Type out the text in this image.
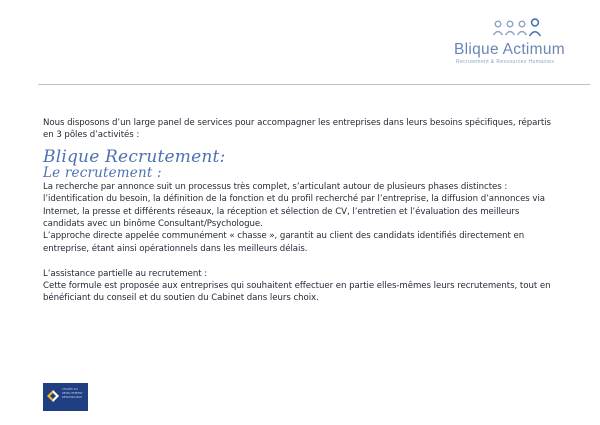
Blique Actimum
Recrutement & Ressources Humaines

Nous disposons d’un large panel de services pour accompagner les entreprises dans leurs besoins spécifiques, répartis en 3 pôles d’activités :

Blique Recrutement:
Le recrutement :

La recherche par annonce suit un processus très complet, s’articulant autour de plusieurs phases distinctes : l’identification du besoin, la définition de la fonction et du profil recherché par l’entreprise, la diffusion d’annonces via Internet, la presse et différents réseaux, la réception et sélection de CV, l’entretien et l’évaluation des meilleurs candidats avec un binôme Consultant/Psychologue.

L’approche directe appelée communément « chasse », garantit au client des candidats identifiés directement en entreprise, étant ainsi opérationnels dans les meilleurs délais.

L’assistance partielle au recrutement :

Cette formule est proposée aux entreprises qui souhaitent effectuer en partie elles-mêmes leurs recrutements, tout en bénéficiant du conseil et du soutien du Cabinet dans leurs choix.

CHARTE DU
RECRUTEMENT
RESPONSABLE
